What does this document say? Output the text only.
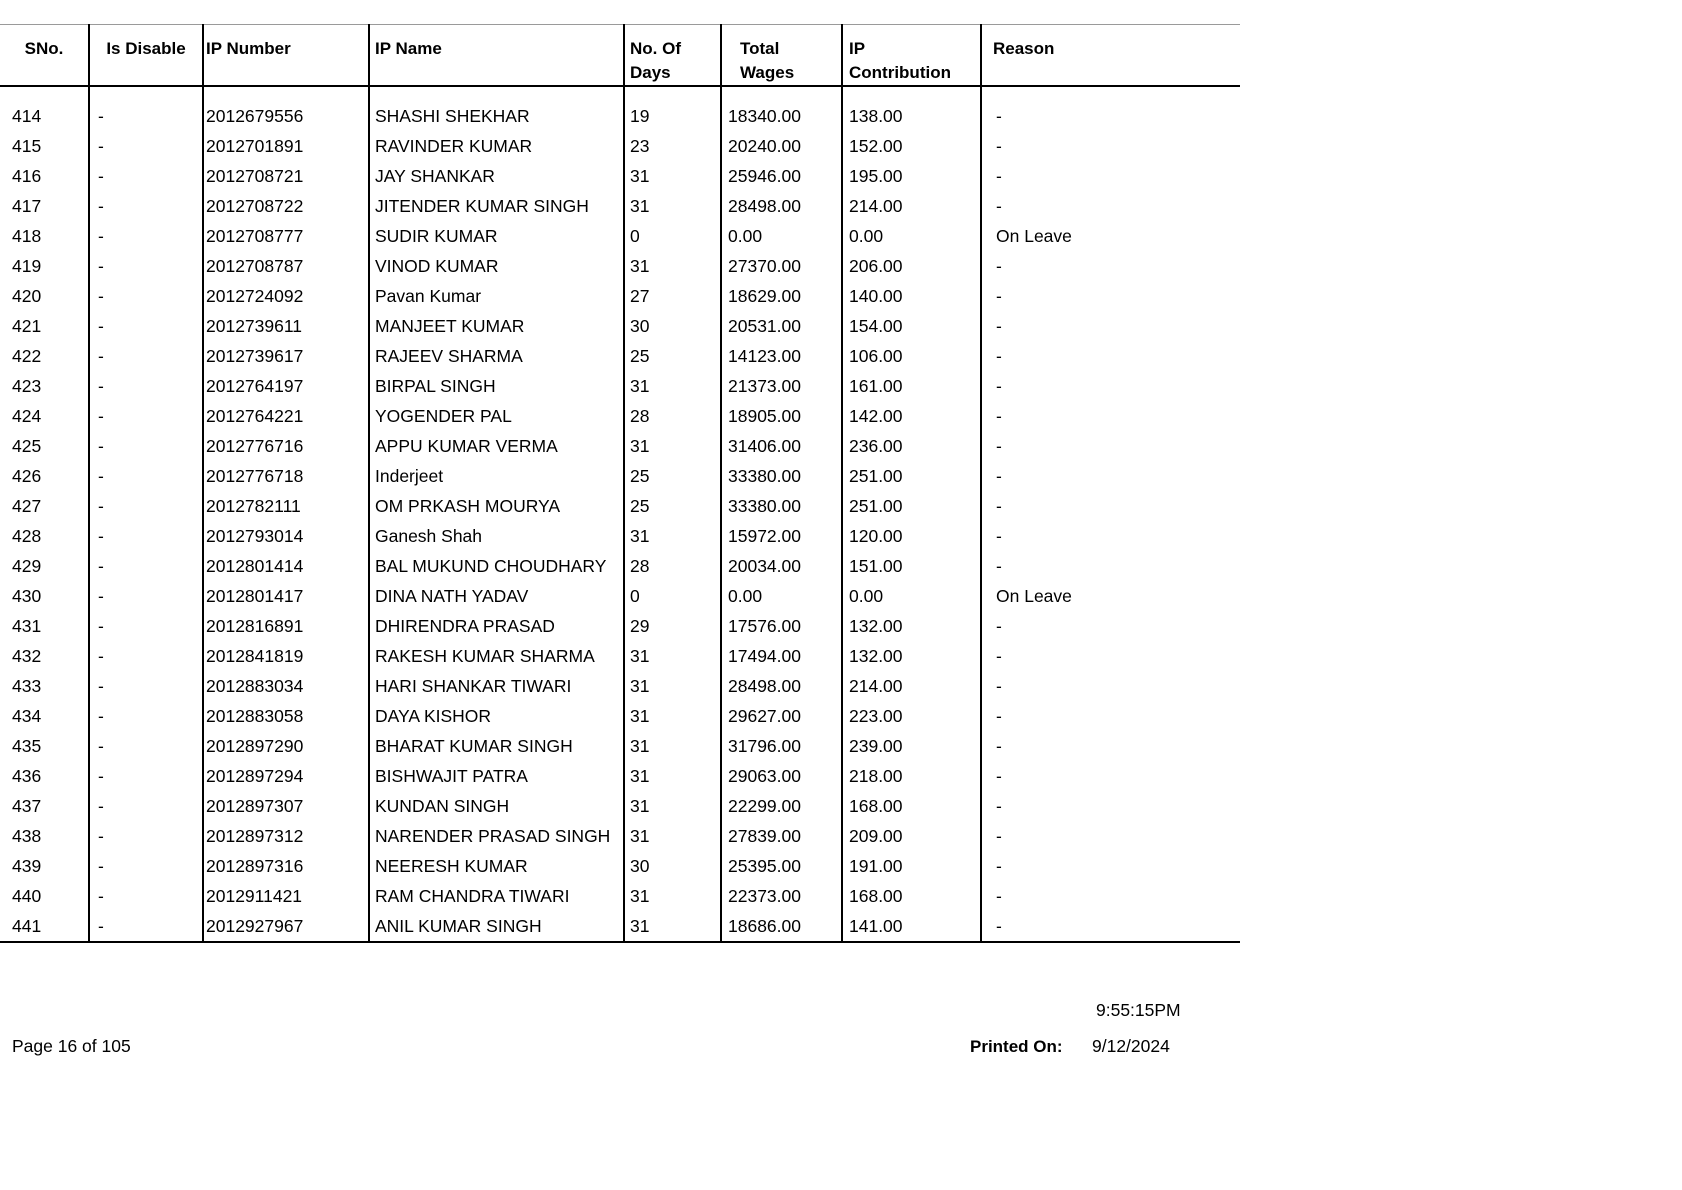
SNo.	Is Disable	IP Number	IP Name	No. Of Days	Total Wages	IP Contribution	Reason
414	-	2012679556	SHASHI SHEKHAR	19	18340.00	138.00	-
415	-	2012701891	RAVINDER KUMAR	23	20240.00	152.00	-
416	-	2012708721	JAY SHANKAR	31	25946.00	195.00	-
417	-	2012708722	JITENDER KUMAR SINGH	31	28498.00	214.00	-
418	-	2012708777	SUDIR KUMAR	0	0.00	0.00	On Leave
419	-	2012708787	VINOD KUMAR	31	27370.00	206.00	-
420	-	2012724092	Pavan Kumar	27	18629.00	140.00	-
421	-	2012739611	MANJEET KUMAR	30	20531.00	154.00	-
422	-	2012739617	RAJEEV SHARMA	25	14123.00	106.00	-
423	-	2012764197	BIRPAL SINGH	31	21373.00	161.00	-
424	-	2012764221	YOGENDER PAL	28	18905.00	142.00	-
425	-	2012776716	APPU KUMAR VERMA	31	31406.00	236.00	-
426	-	2012776718	Inderjeet	25	33380.00	251.00	-
427	-	2012782111	OM PRKASH MOURYA	25	33380.00	251.00	-
428	-	2012793014	Ganesh Shah	31	15972.00	120.00	-
429	-	2012801414	BAL MUKUND CHOUDHARY	28	20034.00	151.00	-
430	-	2012801417	DINA NATH YADAV	0	0.00	0.00	On Leave
431	-	2012816891	DHIRENDRA PRASAD	29	17576.00	132.00	-
432	-	2012841819	RAKESH KUMAR SHARMA	31	17494.00	132.00	-
433	-	2012883034	HARI SHANKAR TIWARI	31	28498.00	214.00	-
434	-	2012883058	DAYA KISHOR	31	29627.00	223.00	-
435	-	2012897290	BHARAT KUMAR SINGH	31	31796.00	239.00	-
436	-	2012897294	BISHWAJIT PATRA	31	29063.00	218.00	-
437	-	2012897307	KUNDAN SINGH	31	22299.00	168.00	-
438	-	2012897312	NARENDER PRASAD SINGH	31	27839.00	209.00	-
439	-	2012897316	NEERESH KUMAR	30	25395.00	191.00	-
440	-	2012911421	RAM CHANDRA TIWARI	31	22373.00	168.00	-
441	-	2012927967	ANIL KUMAR SINGH	31	18686.00	141.00	-
9:55:15PM
Page 16 of 105	Printed On: 9/12/2024
